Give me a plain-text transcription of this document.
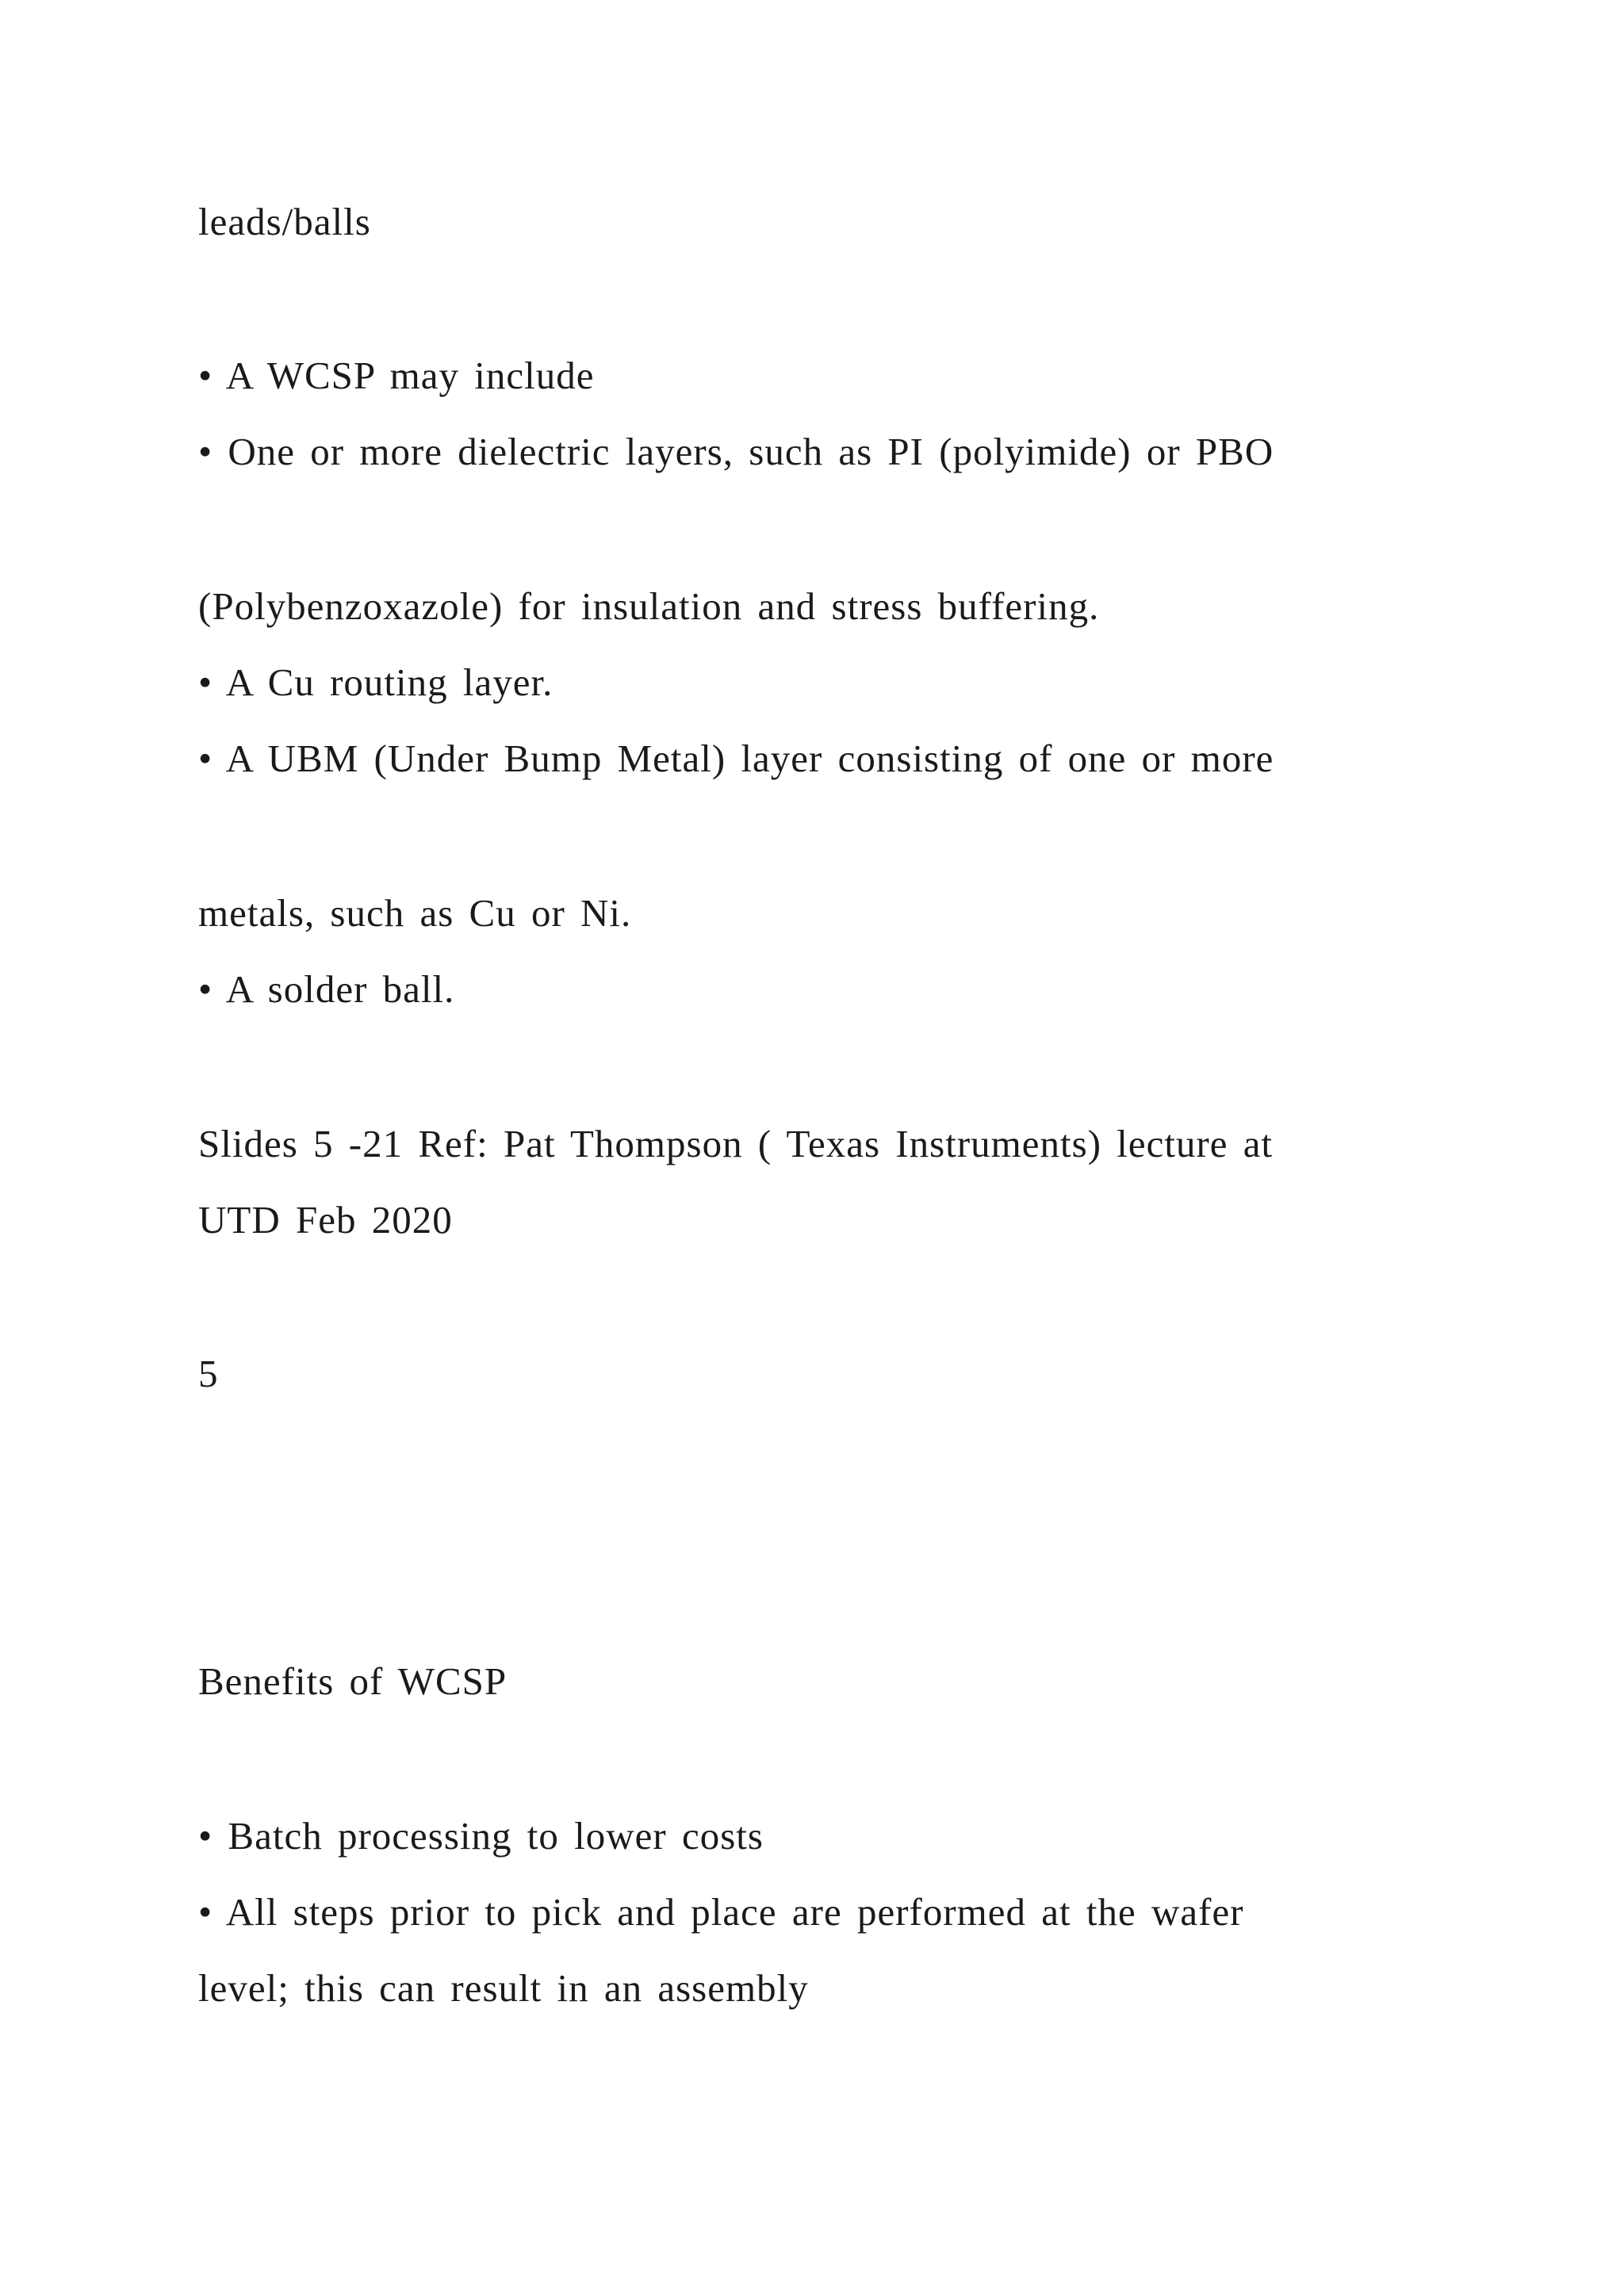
leads/balls

• A WCSP may include

• One or more dielectric layers, such as PI (polyimide) or PBO

(Polybenzoxazole) for insulation and stress buffering.

• A Cu routing layer.

• A UBM (Under Bump Metal) layer consisting of one or more

metals, such as Cu or Ni.

• A solder ball.

Slides 5 -21 Ref: Pat Thompson ( Texas Instruments) lecture at

UTD Feb 2020

5

Benefits of WCSP

• Batch processing to lower costs

• All steps prior to pick and place are performed at the wafer

level; this can result in an assembly
